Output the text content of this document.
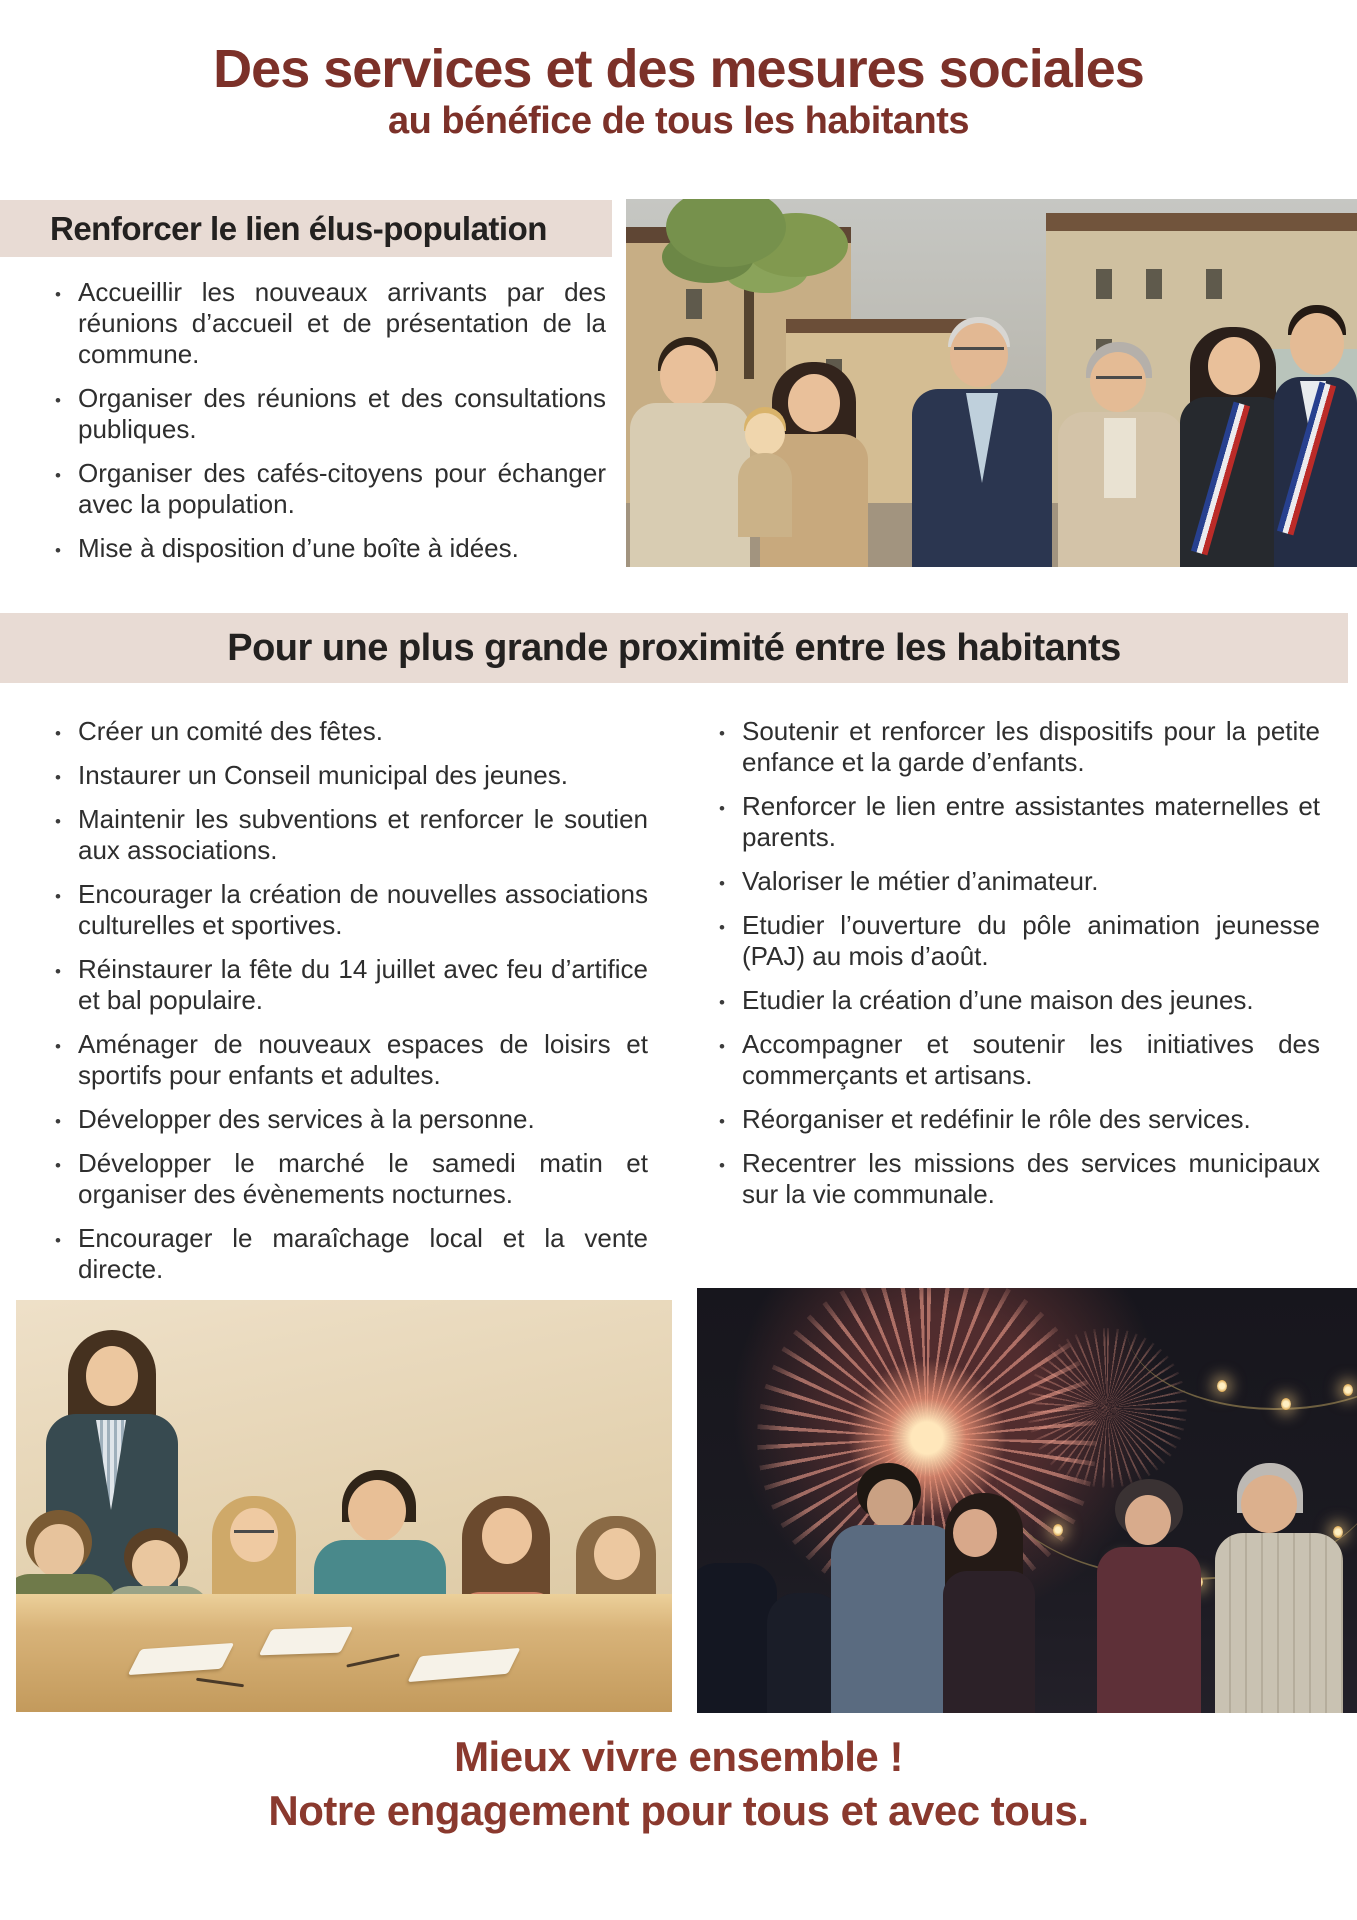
Des services et des mesures sociales
au bénéfice de tous les habitants
Renforcer le lien élus-population
• Accueillir les nouveaux arrivants par des réunions d’accueil et de présentation de la commune.
• Organiser des réunions et des consultations publiques.
• Organiser des cafés-citoyens pour échanger avec la population.
• Mise à disposition d’une boîte à idées.
Pour une plus grande proximité entre les habitants
• Créer un comité des fêtes.
• Instaurer un Conseil municipal des jeunes.
• Maintenir les subventions et renforcer le soutien aux associations.
• Encourager la création de nouvelles associations culturelles et sportives.
• Réinstaurer la fête du 14 juillet avec feu d’artifice et bal populaire.
• Aménager de nouveaux espaces de loisirs et sportifs pour enfants et adultes.
• Développer des services à la personne.
• Développer le marché le samedi matin et organiser des évènements nocturnes.
• Encourager le maraîchage local et la vente directe.
• Soutenir et renforcer les dispositifs pour la petite enfance et la garde d’enfants.
• Renforcer le lien entre assistantes maternelles et parents.
• Valoriser le métier d’animateur.
• Etudier l’ouverture du pôle animation jeunesse (PAJ) au mois d’août.
• Etudier la création d’une maison des jeunes.
• Accompagner et soutenir les initiatives des commerçants et artisans.
• Réorganiser et redéfinir le rôle des services.
• Recentrer les missions des services municipaux sur la vie communale.
Mieux vivre ensemble !
Notre engagement pour tous et avec tous.
